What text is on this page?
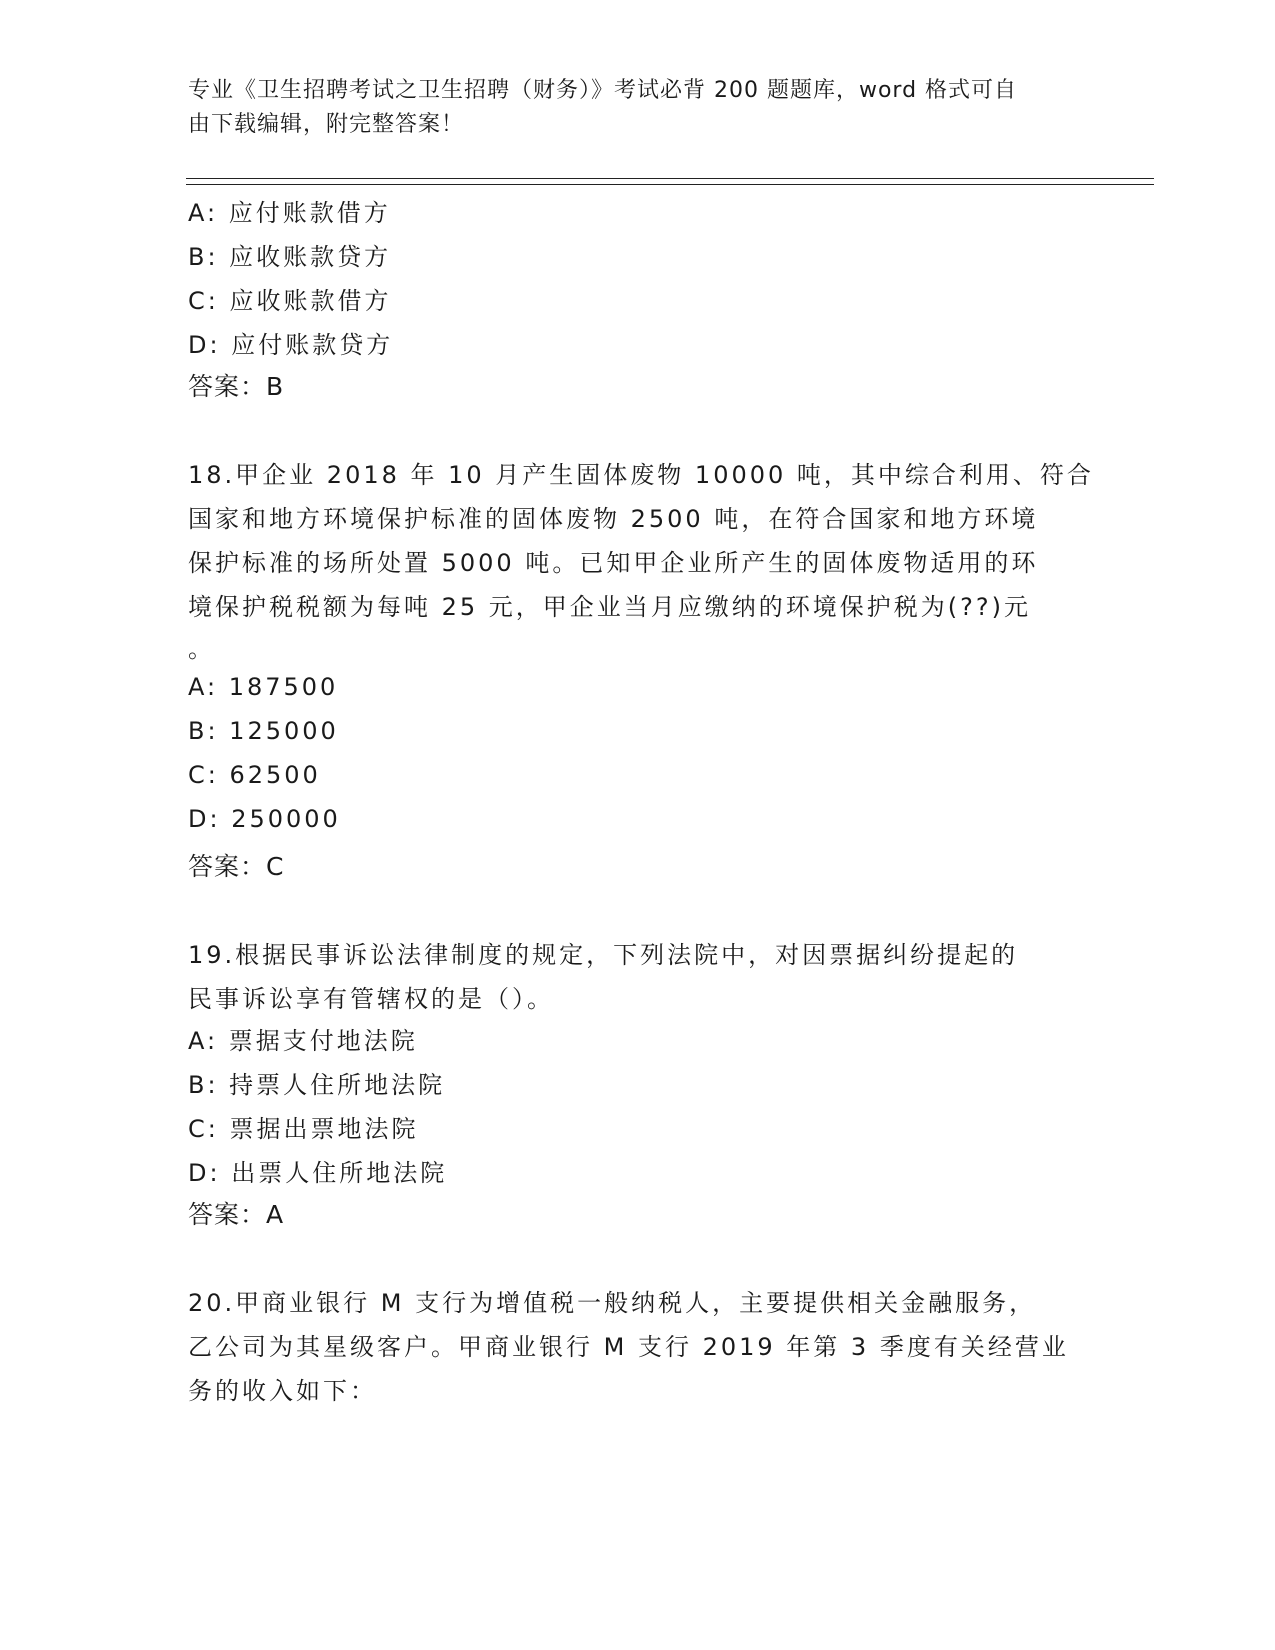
专业《卫生招聘考试之卫生招聘（财务）》考试必背 200 题题库，word 格式可自
由下载编辑，附完整答案！
A: 应付账款借方
B: 应收账款贷方
C: 应收账款借方
D: 应付账款贷方
答案：B
18.甲企业 2018 年 10 月产生固体废物 10000 吨，其中综合利用、符合
国家和地方环境保护标准的固体废物 2500 吨，在符合国家和地方环境
保护标准的场所处置 5000 吨。已知甲企业所产生的固体废物适用的环
境保护税税额为每吨 25 元，甲企业当月应缴纳的环境保护税为(??)元
。
A: 187500
B: 125000
C: 62500
D: 250000
答案：C
19.根据民事诉讼法律制度的规定，下列法院中，对因票据纠纷提起的
民事诉讼享有管辖权的是（）。
A: 票据支付地法院
B: 持票人住所地法院
C: 票据出票地法院
D: 出票人住所地法院
答案：A
20.甲商业银行 M 支行为增值税一般纳税人，主要提供相关金融服务，
乙公司为其星级客户。甲商业银行 M 支行 2019 年第 3 季度有关经营业
务的收入如下：
